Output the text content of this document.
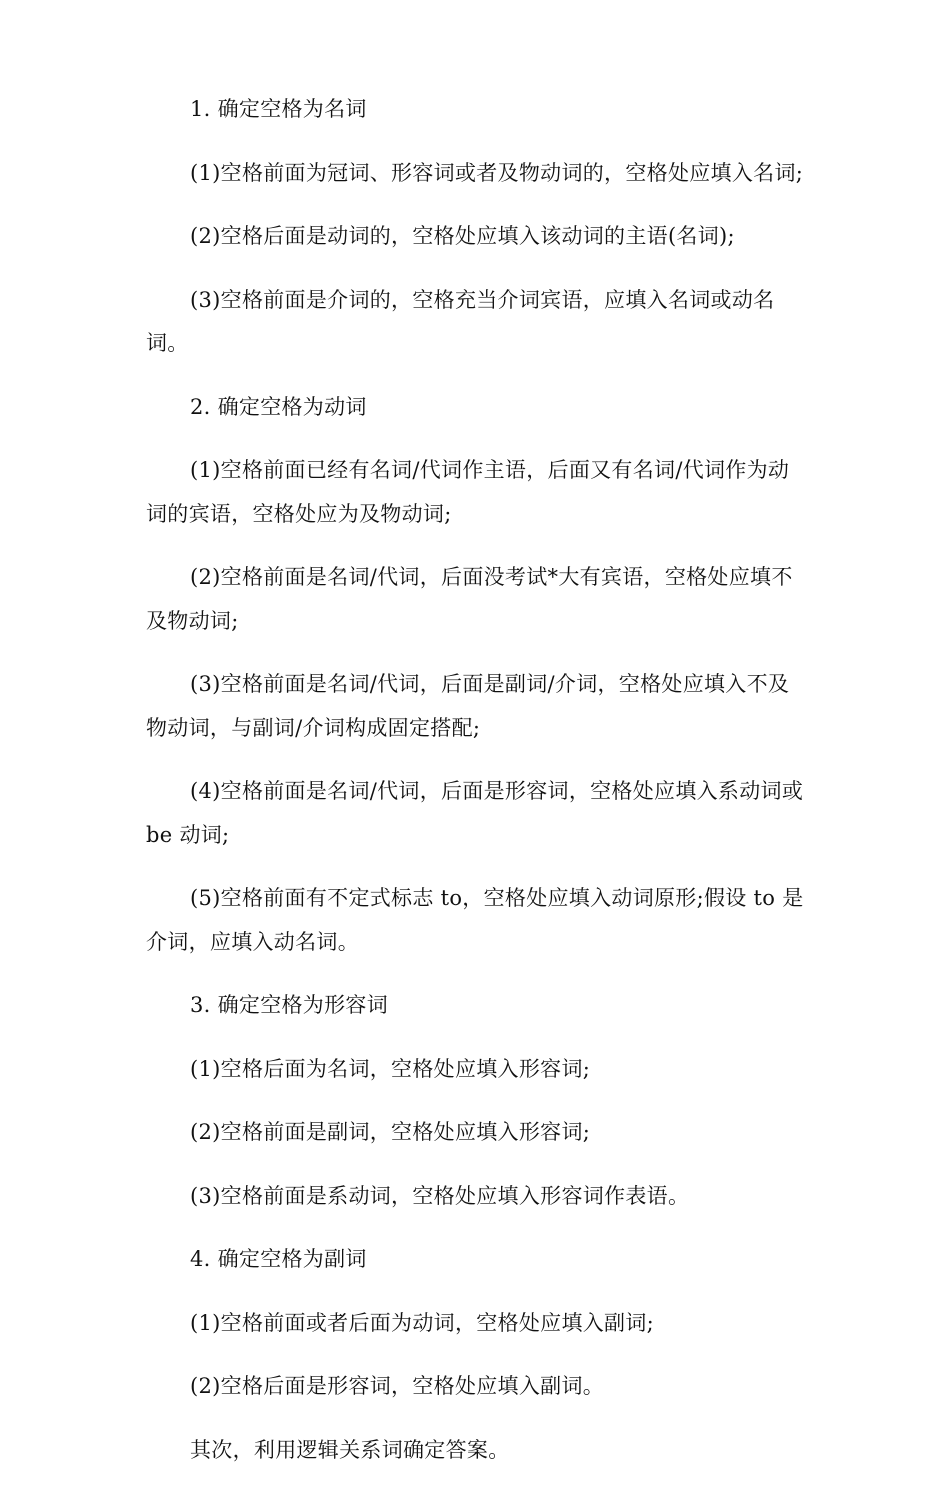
1. 确定空格为名词

(1)空格前面为冠词、形容词或者及物动词的，空格处应填入名词;

(2)空格后面是动词的，空格处应填入该动词的主语(名词);

(3)空格前面是介词的，空格充当介词宾语，应填入名词或动名词。

2. 确定空格为动词

(1)空格前面已经有名词/代词作主语，后面又有名词/代词作为动词的宾语，空格处应为及物动词;

(2)空格前面是名词/代词，后面没考试*大有宾语，空格处应填不及物动词;

(3)空格前面是名词/代词，后面是副词/介词，空格处应填入不及物动词，与副词/介词构成固定搭配;

(4)空格前面是名词/代词，后面是形容词，空格处应填入系动词或 be 动词;

(5)空格前面有不定式标志 to，空格处应填入动词原形;假设 to 是介词，应填入动名词。

3. 确定空格为形容词

(1)空格后面为名词，空格处应填入形容词;

(2)空格前面是副词，空格处应填入形容词;

(3)空格前面是系动词，空格处应填入形容词作表语。

4. 确定空格为副词

(1)空格前面或者后面为动词，空格处应填入副词;

(2)空格后面是形容词，空格处应填入副词。

其次，利用逻辑关系词确定答案。
